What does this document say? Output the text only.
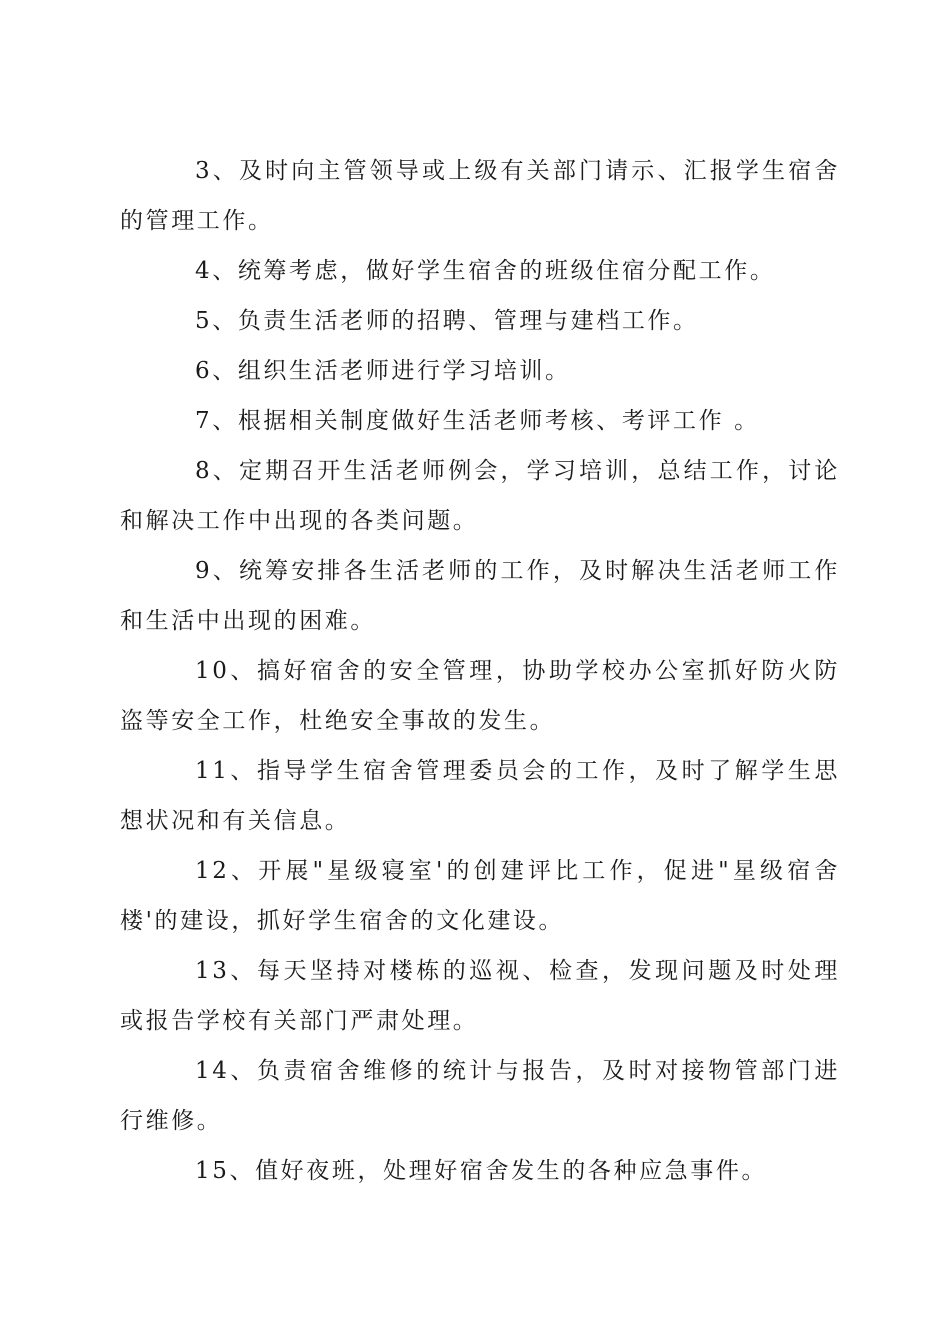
3、及时向主管领导或上级有关部门请示、汇报学生宿舍的管理工作。

4、统筹考虑，做好学生宿舍的班级住宿分配工作。

5、负责生活老师的招聘、管理与建档工作。

6、组织生活老师进行学习培训。

7、根据相关制度做好生活老师考核、考评工作 。

8、定期召开生活老师例会，学习培训，总结工作，讨论和解决工作中出现的各类问题。

9、统筹安排各生活老师的工作，及时解决生活老师工作和生活中出现的困难。

10、搞好宿舍的安全管理，协助学校办公室抓好防火防盗等安全工作，杜绝安全事故的发生。

11、指导学生宿舍管理委员会的工作，及时了解学生思想状况和有关信息。

12、开展"星级寝室'的创建评比工作，促进"星级宿舍楼'的建设，抓好学生宿舍的文化建设。

13、每天坚持对楼栋的巡视、检查，发现问题及时处理或报告学校有关部门严肃处理。

14、负责宿舍维修的统计与报告，及时对接物管部门进行维修。

15、值好夜班，处理好宿舍发生的各种应急事件。
